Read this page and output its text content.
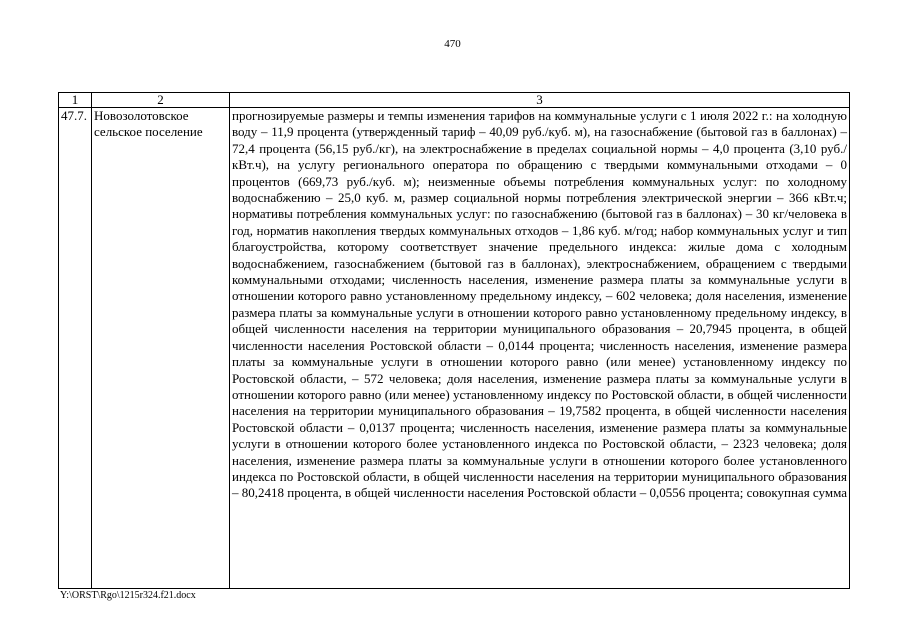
470
1	2	3
47.7.	Новозолотовское сельское поселение	прогнозируемые размеры и темпы изменения тарифов на коммунальные услуги с 1 июля 2022 г.: на холодную воду – 11,9 процента (утвержденный тариф – 40,09 руб./куб. м), на газоснабжение (бытовой газ в баллонах) – 72,4 процента (56,15 руб./кг), на электроснабжение в пределах социальной нормы – 4,0 процента (3,10 руб./кВт.ч), на услугу регионального оператора по обращению с твердыми коммунальными отходами – 0 процентов (669,73 руб./куб. м); неизменные объемы потребления коммунальных услуг: по холодному водоснабжению – 25,0 куб. м, размер социальной нормы потребления электрической энергии – 366 кВт.ч; нормативы потребления коммунальных услуг: по газоснабжению (бытовой газ в баллонах) – 30 кг/человека в год, норматив накопления твердых коммунальных отходов – 1,86 куб. м/год; набор коммунальных услуг и тип благоустройства, которому соответствует значение предельного индекса: жилые дома с холодным водоснабжением, газоснабжением (бытовой газ в баллонах), электроснабжением, обращением с твердыми коммунальными отходами; численность населения, изменение размера платы за коммунальные услуги в отношении которого равно установленному предельному индексу, – 602 человека; доля населения, изменение размера платы за коммунальные услуги в отношении которого равно установленному предельному индексу, в общей численности населения на территории муниципального образования – 20,7945 процента, в общей численности населения Ростовской области – 0,0144 процента; численность населения, изменение размера платы за коммунальные услуги в отношении которого равно (или менее) установленному индексу по Ростовской области, – 572 человека; доля населения, изменение размера платы за коммунальные услуги в отношении которого равно (или менее) установленному индексу по Ростовской области, в общей численности населения на территории муниципального образования – 19,7582 процента, в общей численности населения Ростовской области – 0,0137 процента; численность населения, изменение размера платы за коммунальные услуги в отношении которого более установленного индекса по Ростовской области, – 2323 человека; доля населения, изменение размера платы за коммунальные услуги в отношении которого более установленного индекса по Ростовской области, в общей численности населения на территории муниципального образования – 80,2418 процента, в общей численности населения Ростовской области – 0,0556 процента; совокупная сумма
Y:\ORST\Rgo\1215r324.f21.docx
